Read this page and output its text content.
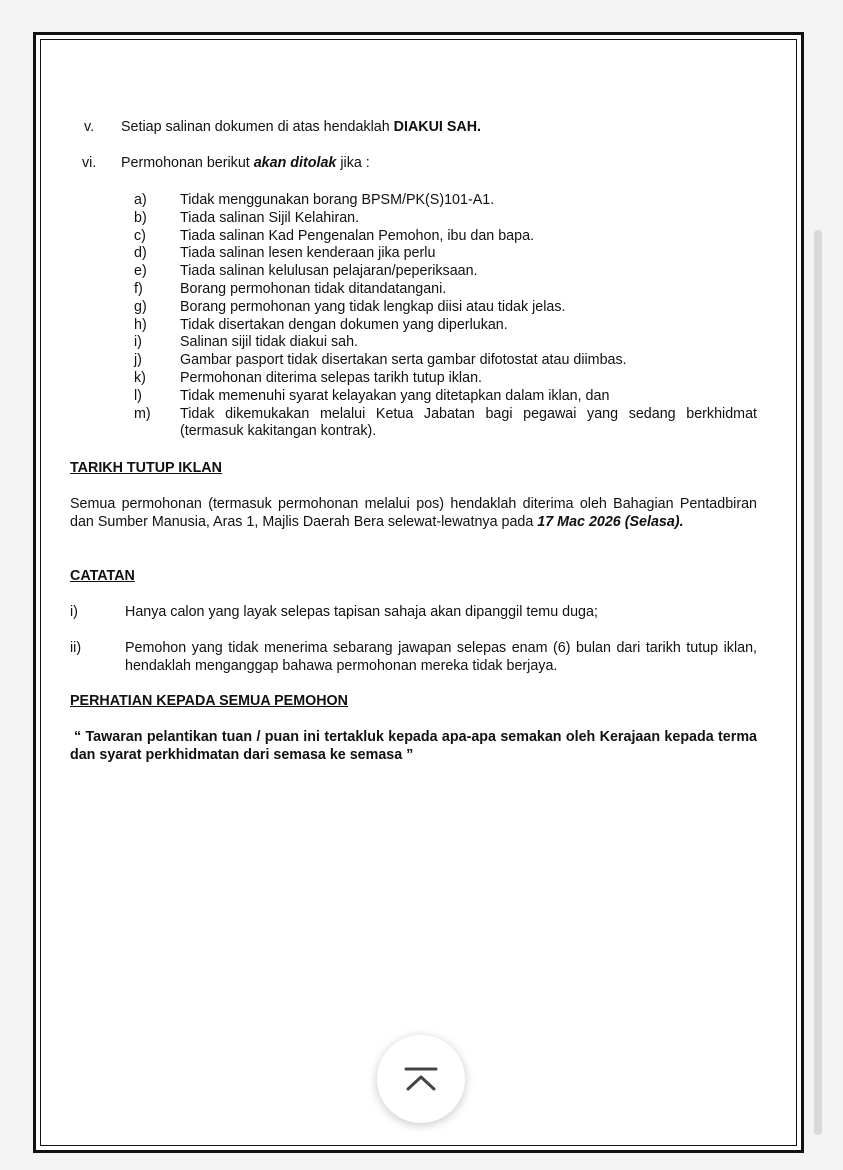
v. Setiap salinan dokumen di atas hendaklah DIAKUI SAH.
vi. Permohonan berikut akan ditolak jika :
a)	Tidak menggunakan borang BPSM/PK(S)101-A1.
b)	Tiada salinan Sijil Kelahiran.
c)	Tiada salinan Kad Pengenalan Pemohon, ibu dan bapa.
d)	Tiada salinan lesen kenderaan jika perlu
e)	Tiada salinan kelulusan pelajaran/peperiksaan.
f)	Borang permohonan tidak ditandatangani.
g)	Borang permohonan yang tidak lengkap diisi atau tidak jelas.
h)	Tidak disertakan dengan dokumen yang diperlukan.
i)	Salinan sijil tidak diakui sah.
j)	Gambar pasport tidak disertakan serta gambar difotostat atau diimbas.
k)	Permohonan diterima selepas tarikh tutup iklan.
l)	Tidak memenuhi syarat kelayakan yang ditetapkan dalam iklan, dan
m)	Tidak dikemukakan melalui Ketua Jabatan bagi pegawai yang sedang berkhidmat (termasuk kakitangan kontrak).
TARIKH TUTUP IKLAN
Semua permohonan (termasuk permohonan melalui pos) hendaklah diterima oleh Bahagian Pentadbiran dan Sumber Manusia, Aras 1, Majlis Daerah Bera selewat-lewatnya pada 17 Mac 2026 (Selasa).
CATATAN
i)	Hanya calon yang layak selepas tapisan sahaja akan dipanggil temu duga;
ii)	Pemohon yang tidak menerima sebarang jawapan selepas enam (6) bulan dari tarikh tutup iklan, hendaklah menganggap bahawa permohonan mereka tidak berjaya.
PERHATIAN KEPADA SEMUA PEMOHON
“ Tawaran pelantikan tuan / puan ini tertakluk kepada apa-apa semakan oleh Kerajaan kepada terma dan syarat perkhidmatan dari semasa ke semasa ”
